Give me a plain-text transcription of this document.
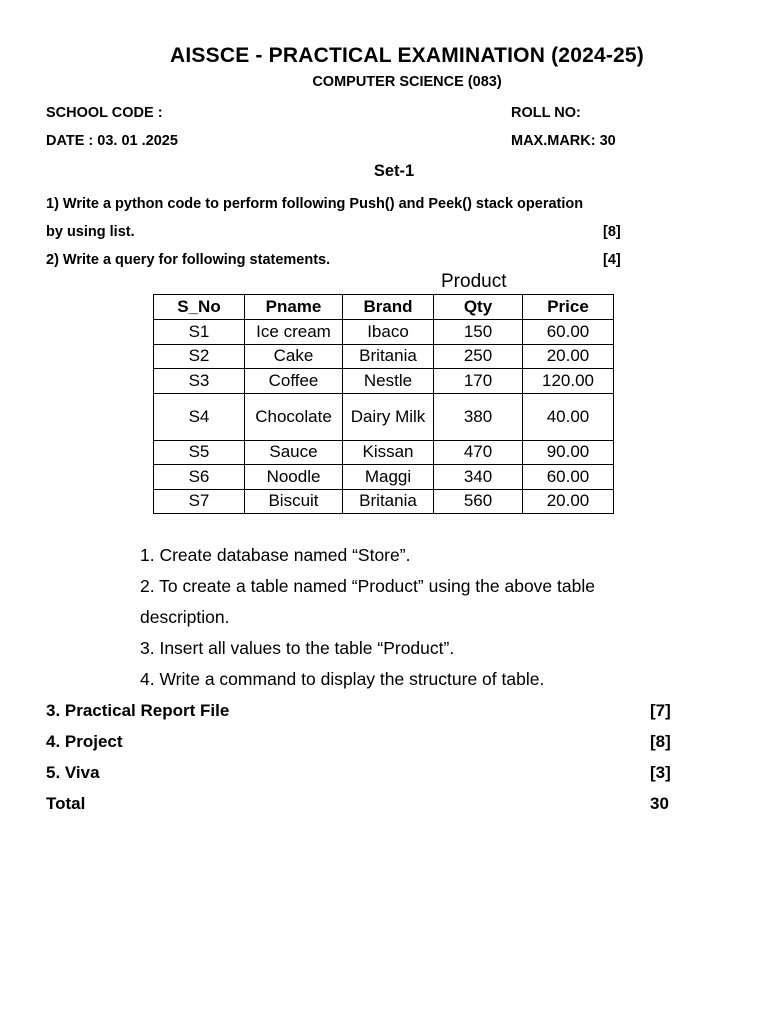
AISSCE - PRACTICAL EXAMINATION (2024-25)
COMPUTER SCIENCE (083)
SCHOOL CODE :	ROLL NO:
DATE : 03. 01 .2025	MAX.MARK: 30
Set-1
1) Write a python code to perform following Push() and Peek() stack operation
by using list.	[8]
2) Write a query for following statements.	[4]
Product
S_No	Pname	Brand	Qty	Price
S1	Ice cream	Ibaco	150	60.00
S2	Cake	Britania	250	20.00
S3	Coffee	Nestle	170	120.00
S4	Chocolate	Dairy Milk	380	40.00
S5	Sauce	Kissan	470	90.00
S6	Noodle	Maggi	340	60.00
S7	Biscuit	Britania	560	20.00
1. Create database named “Store”.
2. To create a table named “Product” using the above table
description.
3. Insert all values to the table “Product”.
4. Write a command to display the structure of table.
3. Practical Report File	[7]
4. Project	[8]
5. Viva	[3]
Total	30
